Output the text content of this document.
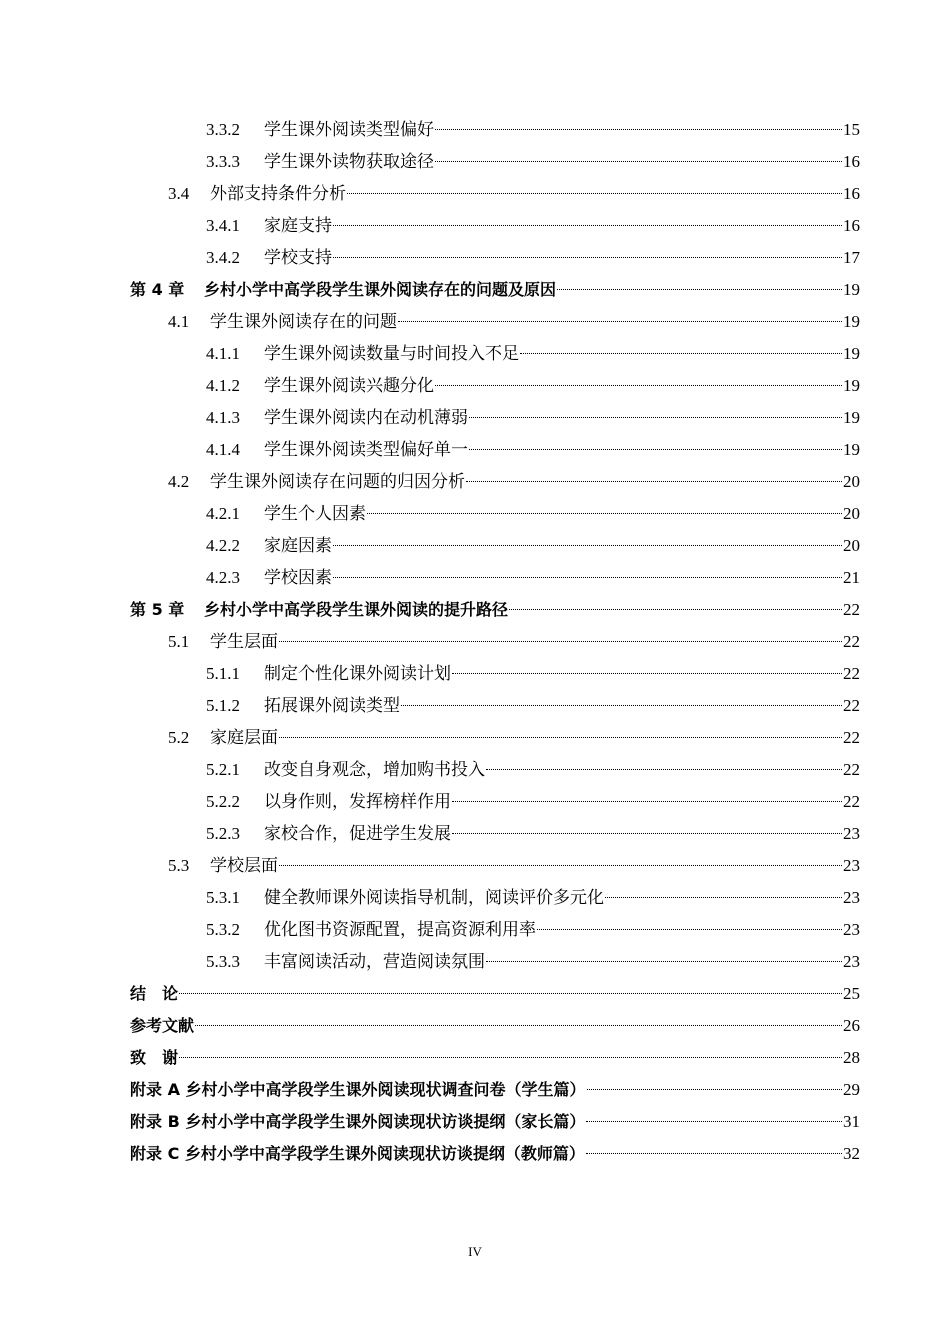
3.3.2	学生课外阅读类型偏好	15
3.3.3	学生课外读物获取途径	16
3.4	外部支持条件分析	16
3.4.1	家庭支持	16
3.4.2	学校支持	17
第 4 章	乡村小学中高学段学生课外阅读存在的问题及原因	19
4.1	学生课外阅读存在的问题	19
4.1.1	学生课外阅读数量与时间投入不足	19
4.1.2	学生课外阅读兴趣分化	19
4.1.3	学生课外阅读内在动机薄弱	19
4.1.4	学生课外阅读类型偏好单一	19
4.2	学生课外阅读存在问题的归因分析	20
4.2.1	学生个人因素	20
4.2.2	家庭因素	20
4.2.3	学校因素	21
第 5 章	乡村小学中高学段学生课外阅读的提升路径	22
5.1	学生层面	22
5.1.1	制定个性化课外阅读计划	22
5.1.2	拓展课外阅读类型	22
5.2	家庭层面	22
5.2.1	改变自身观念，增加购书投入	22
5.2.2	以身作则，发挥榜样作用	22
5.2.3	家校合作，促进学生发展	23
5.3	学校层面	23
5.3.1	健全教师课外阅读指导机制，阅读评价多元化	23
5.3.2	优化图书资源配置，提高资源利用率	23
5.3.3	丰富阅读活动，营造阅读氛围	23
结　论	25
参考文献	26
致　谢	28
附录 A 乡村小学中高学段学生课外阅读现状调查问卷（学生篇）	29
附录 B 乡村小学中高学段学生课外阅读现状访谈提纲（家长篇）	31
附录 C 乡村小学中高学段学生课外阅读现状访谈提纲（教师篇）	32
IV
